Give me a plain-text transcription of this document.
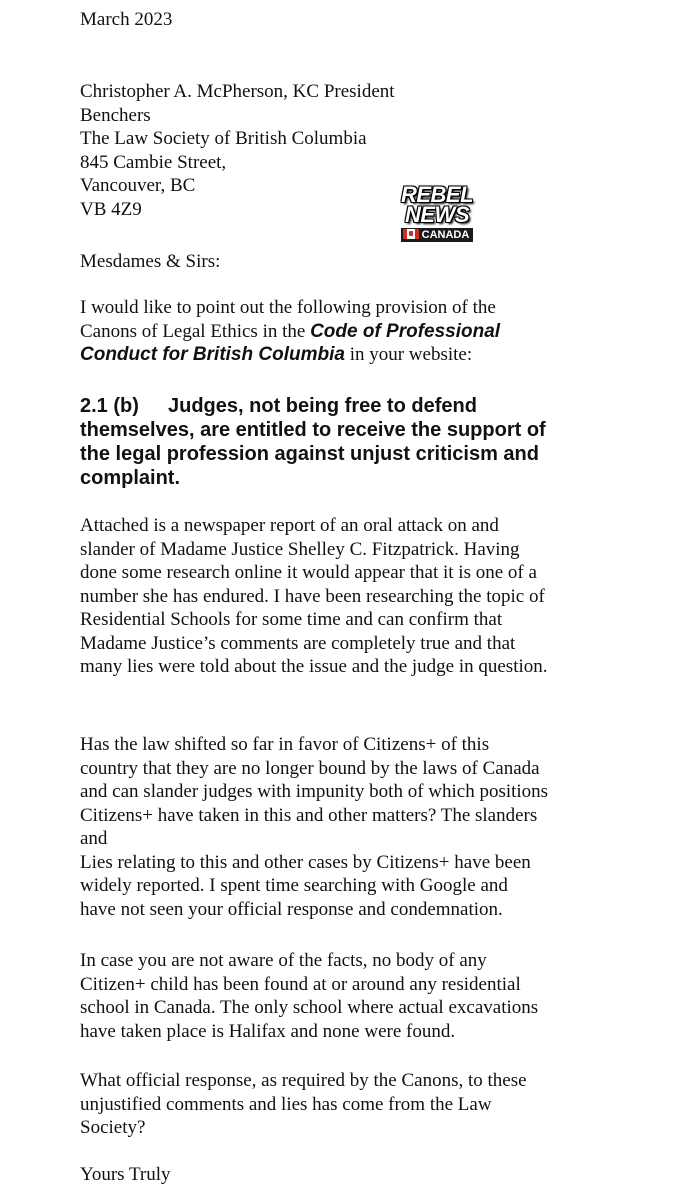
March 2023
Christopher A. McPherson, KC President
Benchers
The Law Society of British Columbia
845 Cambie Street,
Vancouver, BC
VB 4Z9
Mesdames & Sirs:
I would like to point out the following provision of the
Canons of Legal Ethics in the Code of Professional
Conduct for British Columbia in your website:
2.1 (b) Judges, not being free to defend
themselves, are entitled to receive the support of
the legal profession against unjust criticism and
complaint.
Attached is a newspaper report of an oral attack on and
slander of Madame Justice Shelley C. Fitzpatrick. Having
done some research online it would appear that it is one of a
number she has endured. I have been researching the topic of
Residential Schools for some time and can confirm that
Madame Justice’s comments are completely true and that
many lies were told about the issue and the judge in question.
Has the law shifted so far in favor of Citizens+ of this
country that they are no longer bound by the laws of Canada
and can slander judges with impunity both of which positions
Citizens+ have taken in this and other matters? The slanders
and
Lies relating to this and other cases by Citizens+ have been
widely reported. I spent time searching with Google and
have not seen your official response and condemnation.
In case you are not aware of the facts, no body of any
Citizen+ child has been found at or around any residential
school in Canada. The only school where actual excavations
have taken place is Halifax and none were found.
What official response, as required by the Canons, to these
unjustified comments and lies has come from the Law
Society?
Yours Truly
REBEL
NEWS
CANADA
